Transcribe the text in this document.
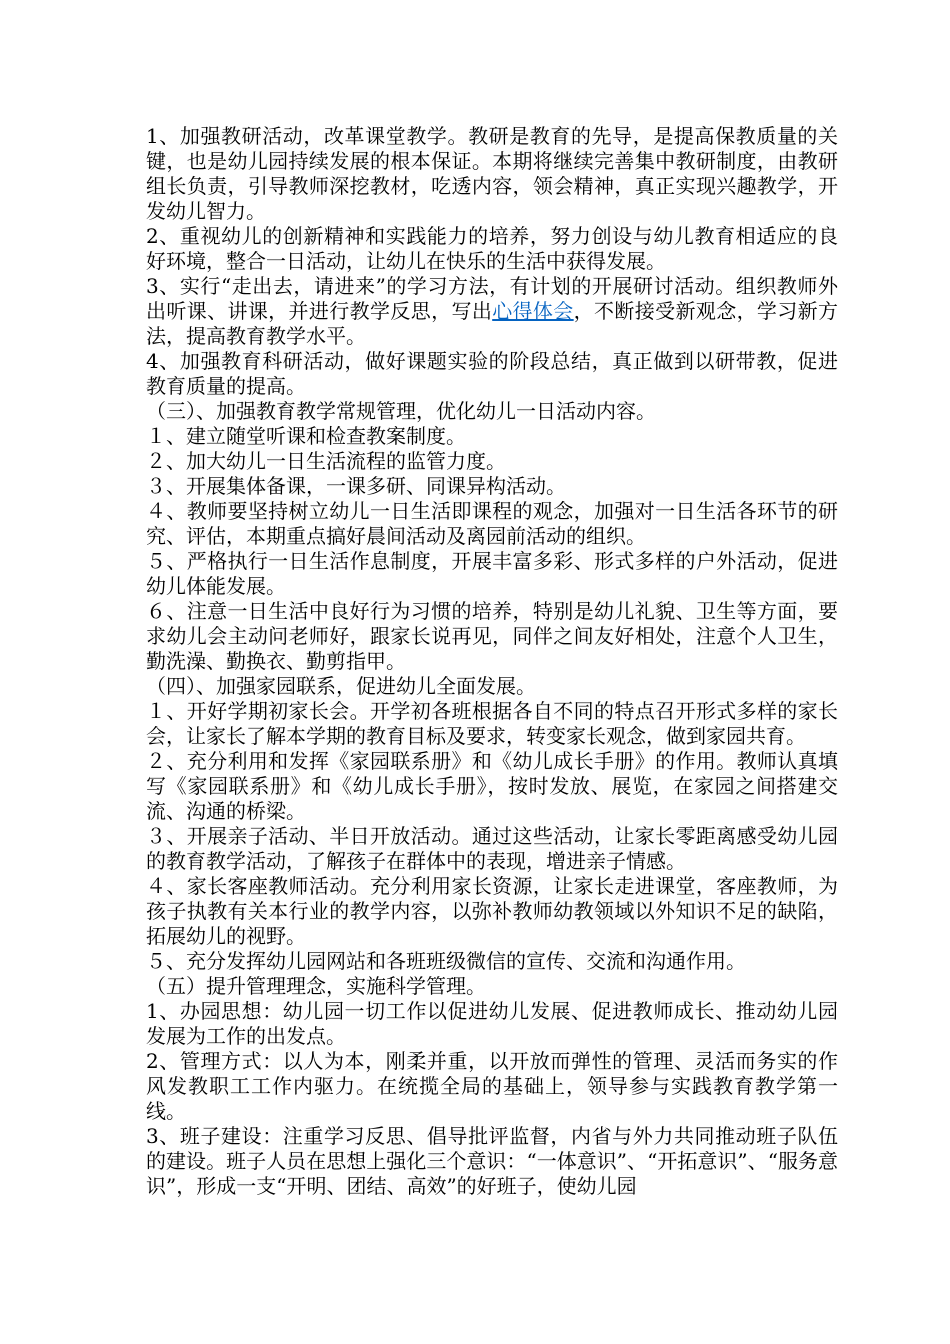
1、加强教研活动，改革课堂教学。教研是教育的先导，是提高保教质量的关键，也是幼儿园持续发展的根本保证。本期将继续完善集中教研制度，由教研组长负责，引导教师深挖教材，吃透内容，领会精神，真正实现兴趣教学，开发幼儿智力。

2、重视幼儿的创新精神和实践能力的培养，努力创设与幼儿教育相适应的良好环境，整合一日活动，让幼儿在快乐的生活中获得发展。

3、实行“走出去，请进来”的学习方法，有计划的开展研讨活动。组织教师外出听课、讲课，并进行教学反思，写出心得体会，不断接受新观念，学习新方法，提高教育教学水平。

4、加强教育科研活动，做好课题实验的阶段总结，真正做到以研带教，促进教育质量的提高。

（三）、加强教育教学常规管理，优化幼儿一日活动内容。

１、建立随堂听课和检查教案制度。

２、加大幼儿一日生活流程的监管力度。

３、开展集体备课，一课多研、同课异构活动。

４、教师要坚持树立幼儿一日生活即课程的观念，加强对一日生活各环节的研究、评估，本期重点搞好晨间活动及离园前活动的组织。

５、严格执行一日生活作息制度，开展丰富多彩、形式多样的户外活动，促进幼儿体能发展。

６、注意一日生活中良好行为习惯的培养，特别是幼儿礼貌、卫生等方面，要求幼儿会主动问老师好，跟家长说再见，同伴之间友好相处，注意个人卫生，勤洗澡、勤换衣、勤剪指甲。

（四）、加强家园联系，促进幼儿全面发展。

１、开好学期初家长会。开学初各班根据各自不同的特点召开形式多样的家长会，让家长了解本学期的教育目标及要求，转变家长观念，做到家园共育。

２、充分利用和发挥《家园联系册》和《幼儿成长手册》的作用。教师认真填写《家园联系册》和《幼儿成长手册》，按时发放、展览，在家园之间搭建交流、沟通的桥梁。

３、开展亲子活动、半日开放活动。通过这些活动，让家长零距离感受幼儿园的教育教学活动，了解孩子在群体中的表现，增进亲子情感。

４、家长客座教师活动。充分利用家长资源，让家长走进课堂，客座教师，为孩子执教有关本行业的教学内容，以弥补教师幼教领域以外知识不足的缺陷，拓展幼儿的视野。

５、充分发挥幼儿园网站和各班班级微信的宣传、交流和沟通作用。

（五）提升管理理念，实施科学管理。

1、办园思想：幼儿园一切工作以促进幼儿发展、促进教师成长、推动幼儿园发展为工作的出发点。

2、管理方式：以人为本，刚柔并重，以开放而弹性的管理、灵活而务实的作风发教职工工作内驱力。在统揽全局的基础上，领导参与实践教育教学第一线。

3、班子建设：注重学习反思、倡导批评监督，内省与外力共同推动班子队伍的建设。班子人员在思想上强化三个意识：“一体意识”、“开拓意识”、“服务意识”，形成一支“开明、团结、高效”的好班子，使幼儿园
